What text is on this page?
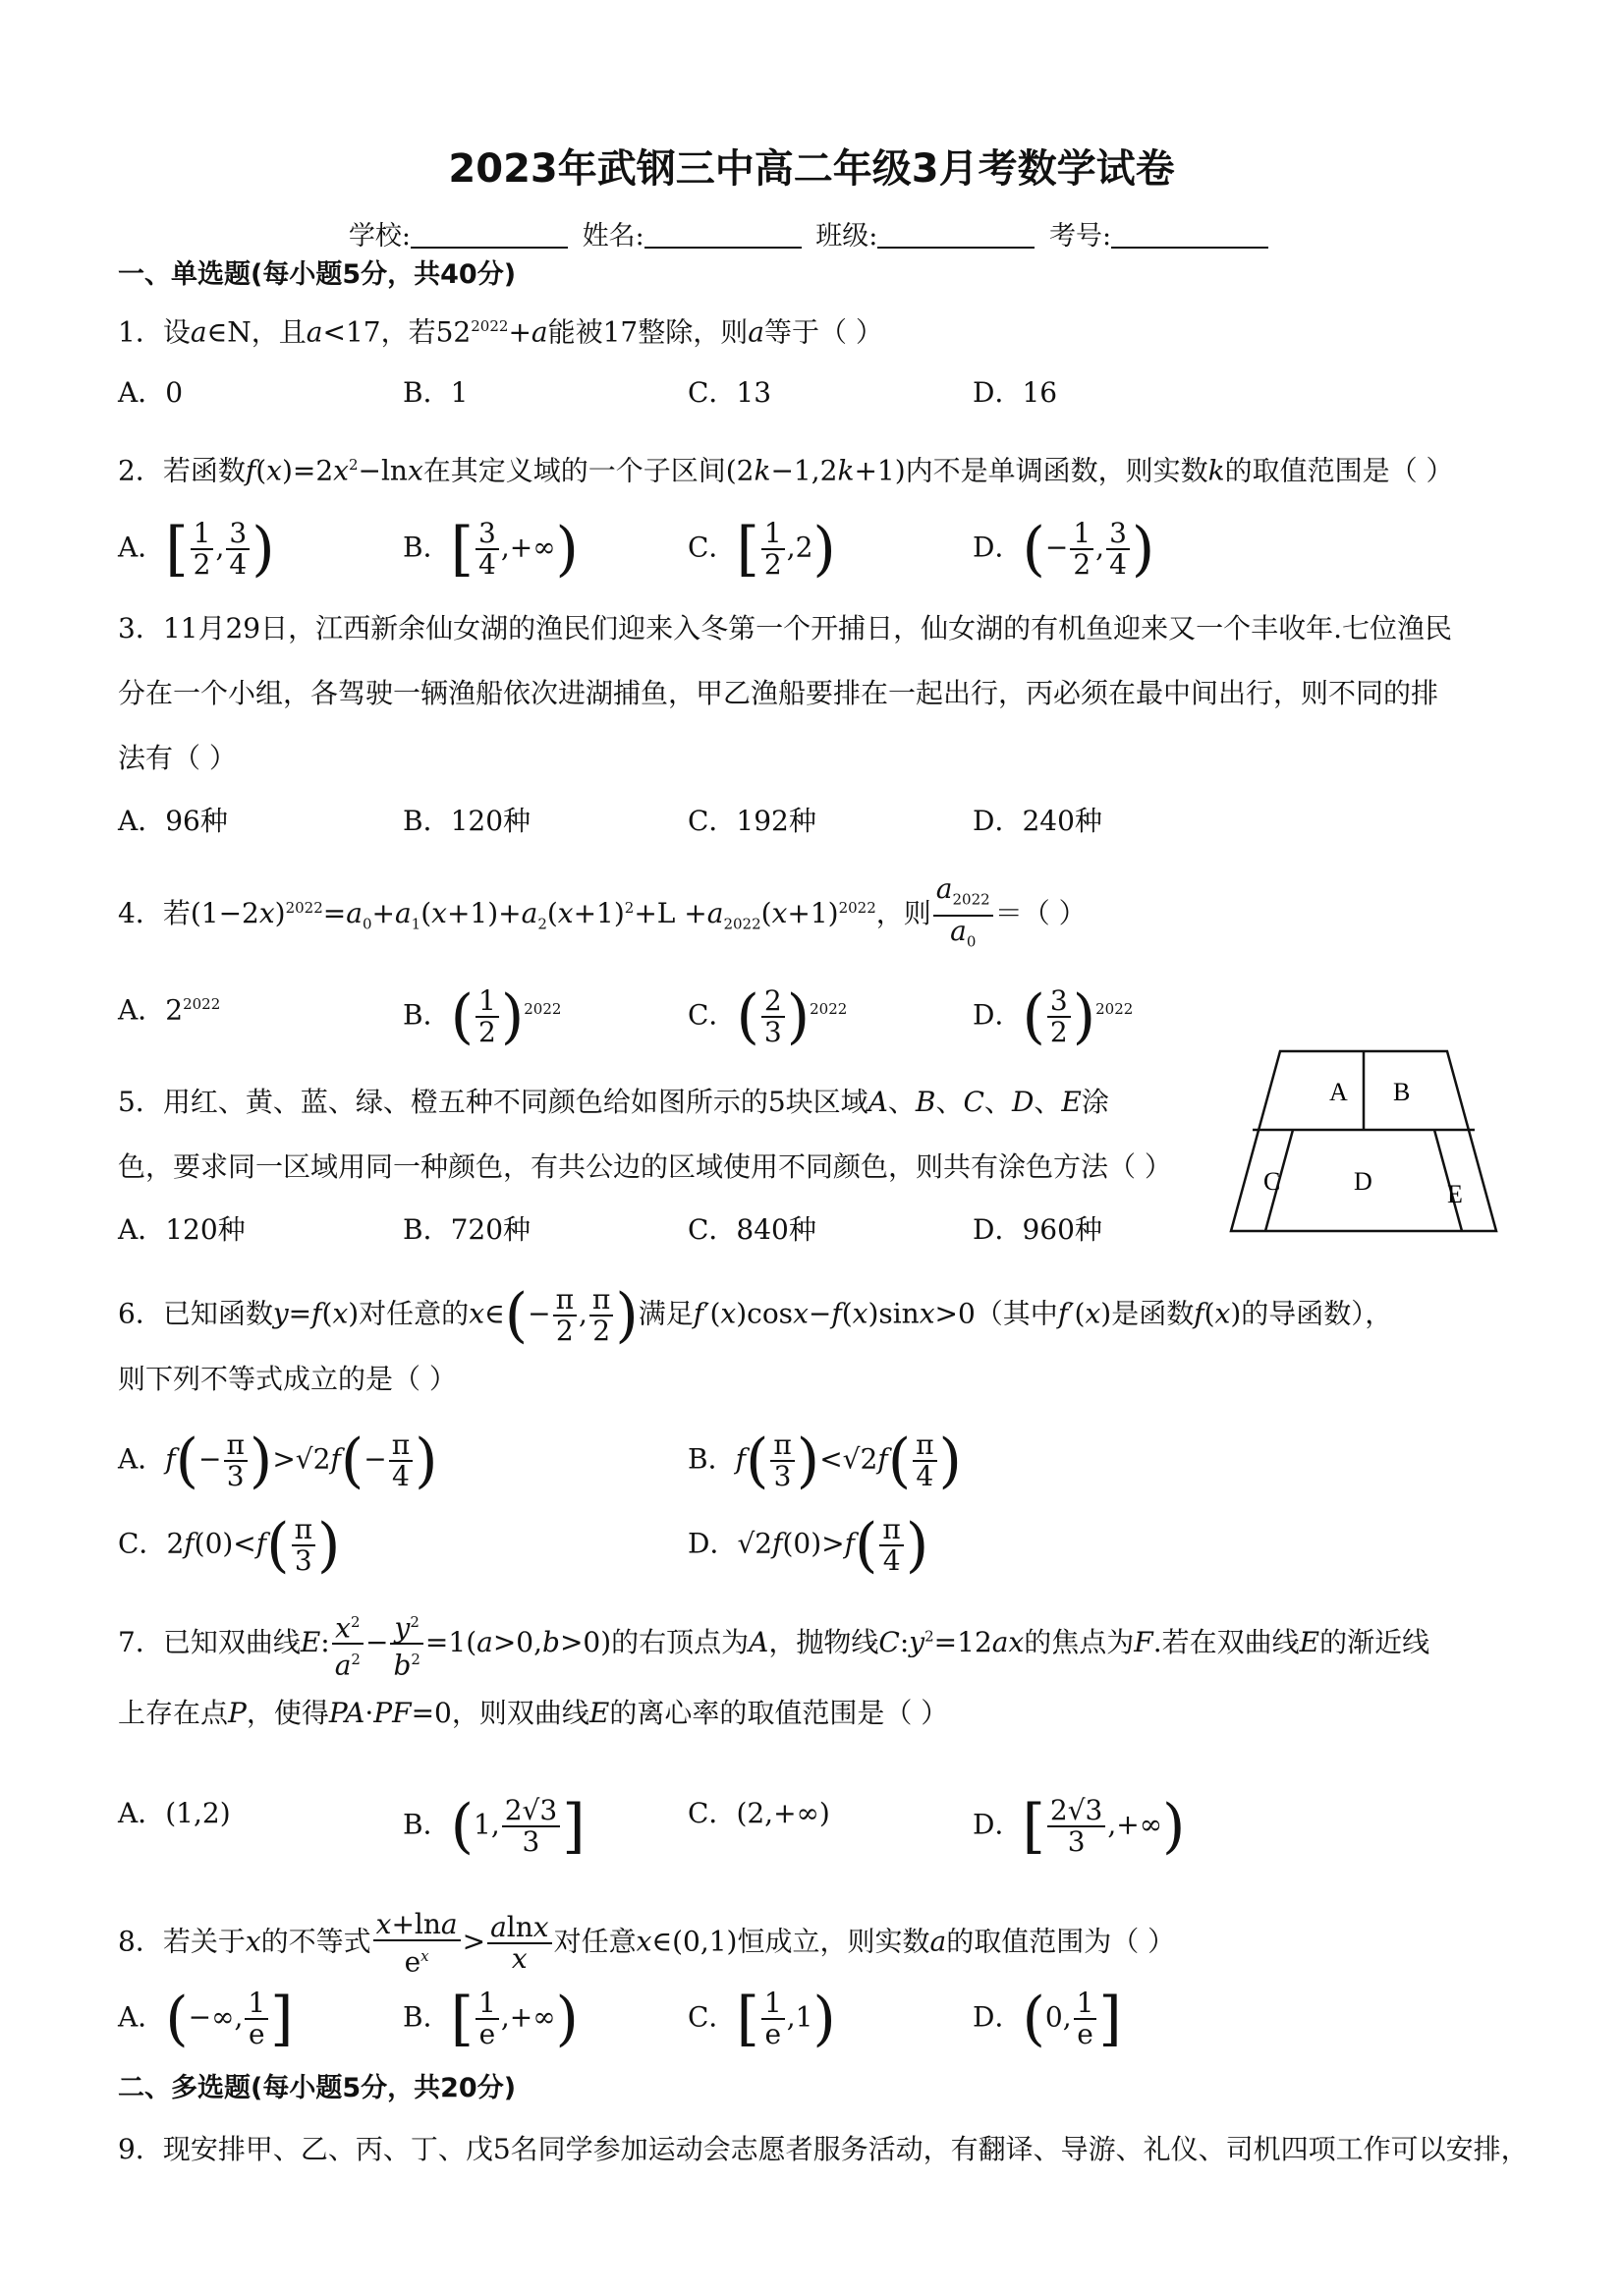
2023年武钢三中高二年级3月考数学试卷
学校:	姓名:	班级:	考号:
一、单选题(每小题5分，共40分)
1．设a∈N，且a<17，若$52^{2022}+a$能被17整除，则a等于（ ）
A．0	B．1	C．13	D．16
2．若函数$f(x)=2x^2-\ln x$在其定义域的一个子区间(2k−1,2k+1)内不是单调函数，则实数k的取值范围是（ ）
A．[ $\frac{1}{2}$ , $\frac{3}{4}$ )	B．[ $\frac{3}{4}$ ,+∞)	C．[ $\frac{1}{2} ,2$)	D．(− $\frac{1}{2}$ , $\frac{3}{4}$ )
3．11月29日，江西新余仙女湖的渔民们迎来入冬第一个开捕日，仙女湖的有机鱼迎来又一个丰收年.七位渔民
分在一个小组，各驾驶一辆渔船依次进湖捕鱼，甲乙渔船要排在一起出行，丙必须在最中间出行，则不同的排
法有（ ）
A．96种	B．120种	C．192种	D．240种
4．若$(1-2x)^{2022}=a_0+a_1(x+1)+a_2(x+1)^2+L +a_{2022}(x+1)^{2022}$，则 $\frac{a_{2022}}{a_0}$ ＝（ ）
A．$2^{2022}$	B．( $\frac{1}{2} )^{2022}$	C．( $\frac{2}{3} )^{2022}$	D．( $\frac{3}{2} )^{2022}$
5．用红、黄、蓝、绿、橙五种不同颜色给如图所示的5块区域A、B、C、D、E涂
色，要求同一区域用同一种颜色，有共公边的区域使用不同颜色，则共有涂色方法（ ）
A．120种	B．720种	C．840种	D．960种
A B
C	D	E
6．已知函数y=f(x)对任意的x∈(− $\frac{\pi}{2}$ , $\frac{\pi}{2}$ )满足f′(x)cosx−f(x)sinx>0（其中f′(x)是函数f(x)的导函数），
则下列不等式成立的是（ ）
A．$f(- \frac{\pi}{3} )>√2f(- \frac{\pi}{4}$ )	B．$f( \frac{\pi}{3} )<√2f( \frac{\pi}{4}$ )
C．$2f(0)<f( \frac{\pi}{3}$ )	D．$√2f(0)>f( \frac{\pi}{4}$ )
7．已知双曲线E: $\frac{x^2}{a^2} - \frac{y^2}{b^2} =1(a>0,b>0)$的右顶点为A，抛物线$C:y^2=12ax$的焦点为F.若在双曲线E的渐近线
上存在点P，使得PA·PF=0，则双曲线E的离心率的取值范围是（ ）
A．(1,2)	B．(1, $\frac{2√3}{3}$ ]	C．(2,+∞)	D．[ $\frac{2√3}{3}$ ,+∞)
8．若关于x的不等式 $\frac{x+\ln a}{e^x} > \frac{alnx}{x}$ 对任意x∈(0,1)恒成立，则实数a的取值范围为（ ）
A．(−∞, $\frac{1}{e}$ ]	B．[ $\frac{1}{e}$ ,+∞)	C．[ $\frac{1}{e} ,1$)	D．(0, $\frac{1}{e}$ ]
二、多选题(每小题5分，共20分)
9．现安排甲、乙、丙、丁、戊5名同学参加运动会志愿者服务活动，有翻译、导游、礼仪、司机四项工作可以安排，
